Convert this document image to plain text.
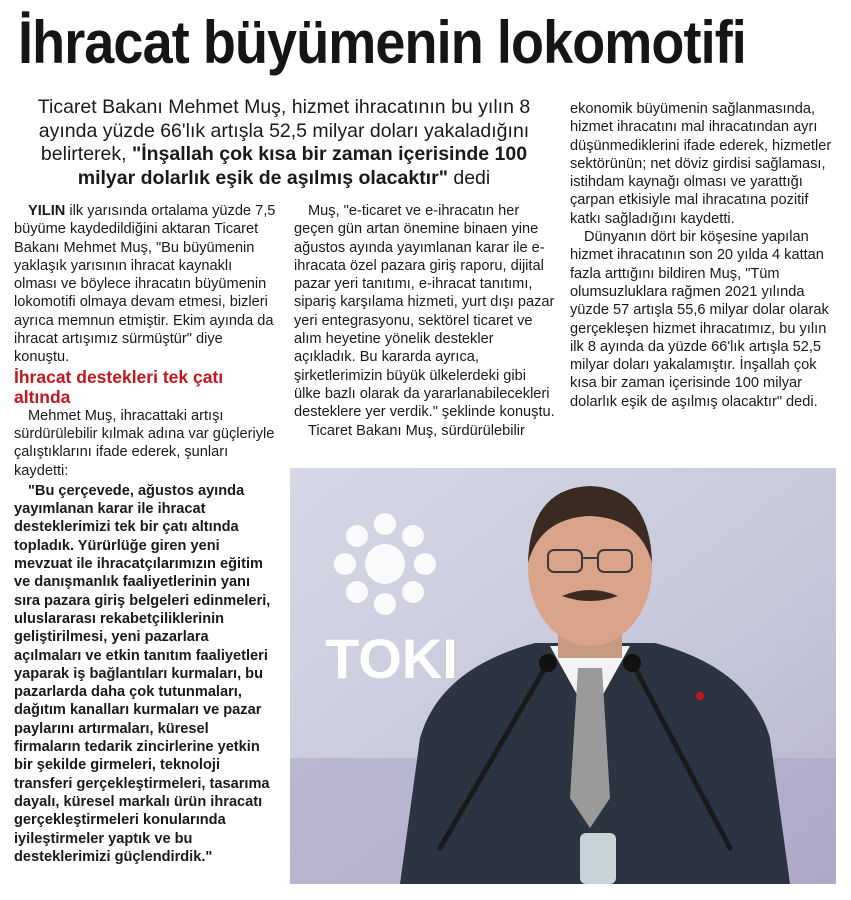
İhracat büyümenin lokomotifi

Ticaret Bakanı Mehmet Muş, hizmet ihracatının bu yılın 8 ayında yüzde 66'lık artışla 52,5 milyar doları yakaladığını belirterek, "İnşallah çok kısa bir zaman içerisinde 100 milyar dolarlık eşik de aşılmış olacaktır" dedi

YILIN ilk yarısında ortalama yüzde 7,5 büyüme kaydedildiğini aktaran Ticaret Bakanı Mehmet Muş, "Bu büyümenin yaklaşık yarısının ihracat kaynaklı olması ve böylece ihracatın büyümenin lokomotifi olmaya devam etmesi, bizleri ayrıca memnun etmiştir. Ekim ayında da ihracat artışımız sürmüştür" diye konuştu.

İhracat destekleri tek çatı altında

Mehmet Muş, ihracattaki artışı sürdürülebilir kılmak adına var güçleriyle çalıştıklarını ifade ederek, şunları kaydetti:

"Bu çerçevede, ağustos ayında yayımlanan karar ile ihracat desteklerimizi tek bir çatı altında topladık. Yürürlüğe giren yeni mevzuat ile ihracatçılarımızın eğitim ve danışmanlık faaliyetlerinin yanı sıra pazara giriş belgeleri edinmeleri, uluslararası rekabetçiliklerinin geliştirilmesi, yeni pazarlara açılmaları ve etkin tanıtım faaliyetleri yaparak iş bağlantıları kurmaları, bu pazarlarda daha çok tutunmaları, dağıtım kanalları kurmaları ve pazar paylarını artırmaları, küresel firmaların tedarik zincirlerine yetkin bir şekilde girmeleri, teknoloji transferi gerçekleştirmeleri, tasarıma dayalı, küresel markalı ürün ihracatı gerçekleştirmeleri konularında iyileştirmeler yaptık ve bu desteklerimizi güçlendirdik."

Muş, "e-ticaret ve e-ihracatın her geçen gün artan önemine binaen yine ağustos ayında yayımlanan karar ile e-ihracata özel pazara giriş raporu, dijital pazar yeri tanıtımı, e-ihracat tanıtımı, sipariş karşılama hizmeti, yurt dışı pazar yeri entegrasyonu, sektörel ticaret ve alım heyetine yönelik destekler açıkladık. Bu kararda ayrıca, şirketlerimizin büyük ülkelerdeki gibi ülke bazlı olarak da yararlanabilecekleri desteklere yer verdik." şeklinde konuştu.

Ticaret Bakanı Muş, sürdürülebilir

ekonomik büyümenin sağlanmasında, hizmet ihracatını mal ihracatından ayrı düşünmediklerini ifade ederek, hizmetler sektörünün; net döviz girdisi sağlaması, istihdam kaynağı olması ve yarattığı çarpan etkisiyle mal ihracatına pozitif katkı sağladığını kaydetti.

Dünyanın dört bir köşesine yapılan hizmet ihracatının son 20 yılda 4 kattan fazla arttığını bildiren Muş, "Tüm olumsuzluklara rağmen 2021 yılında yüzde 57 artışla 55,6 milyar dolar olarak gerçekleşen hizmet ihracatımız, bu yılın ilk 8 ayında da yüzde 66'lık artışla 52,5 milyar doları yakalamıştır. İnşallah çok kısa bir zaman içerisinde 100 milyar dolarlık eşik de aşılmış olacaktır" dedi.

TOKI
